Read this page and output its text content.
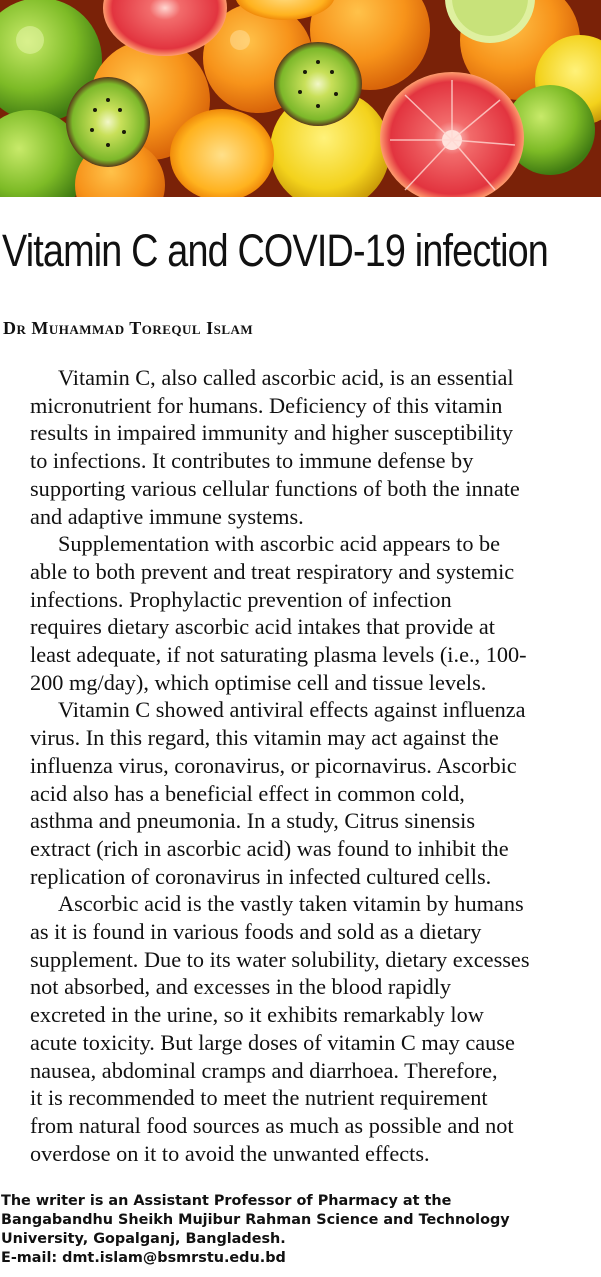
Vitamin C and COVID-19 infection
Dr Muhammad Torequl Islam

Vitamin C, also called ascorbic acid, is an essential
micronutrient for humans. Deficiency of this vitamin
results in impaired immunity and higher susceptibility
to infections. It contributes to immune defense by
supporting various cellular functions of both the innate
and adaptive immune systems.

Supplementation with ascorbic acid appears to be
able to both prevent and treat respiratory and systemic
infections. Prophylactic prevention of infection
requires dietary ascorbic acid intakes that provide at
least adequate, if not saturating plasma levels (i.e., 100-
200 mg/day), which optimise cell and tissue levels.

Vitamin C showed antiviral effects against influenza
virus. In this regard, this vitamin may act against the
influenza virus, coronavirus, or picornavirus. Ascorbic
acid also has a beneficial effect in common cold,
asthma and pneumonia. In a study, Citrus sinensis
extract (rich in ascorbic acid) was found to inhibit the
replication of coronavirus in infected cultured cells.

Ascorbic acid is the vastly taken vitamin by humans
as it is found in various foods and sold as a dietary
supplement. Due to its water solubility, dietary excesses
not absorbed, and excesses in the blood rapidly
excreted in the urine, so it exhibits remarkably low
acute toxicity. But large doses of vitamin C may cause
nausea, abdominal cramps and diarrhoea. Therefore,
it is recommended to meet the nutrient requirement
from natural food sources as much as possible and not
overdose on it to avoid the unwanted effects.

The writer is an Assistant Professor of Pharmacy at the
Bangabandhu Sheikh Mujibur Rahman Science and Technology
University, Gopalganj, Bangladesh.
E-mail: dmt.islam@bsmrstu.edu.bd
